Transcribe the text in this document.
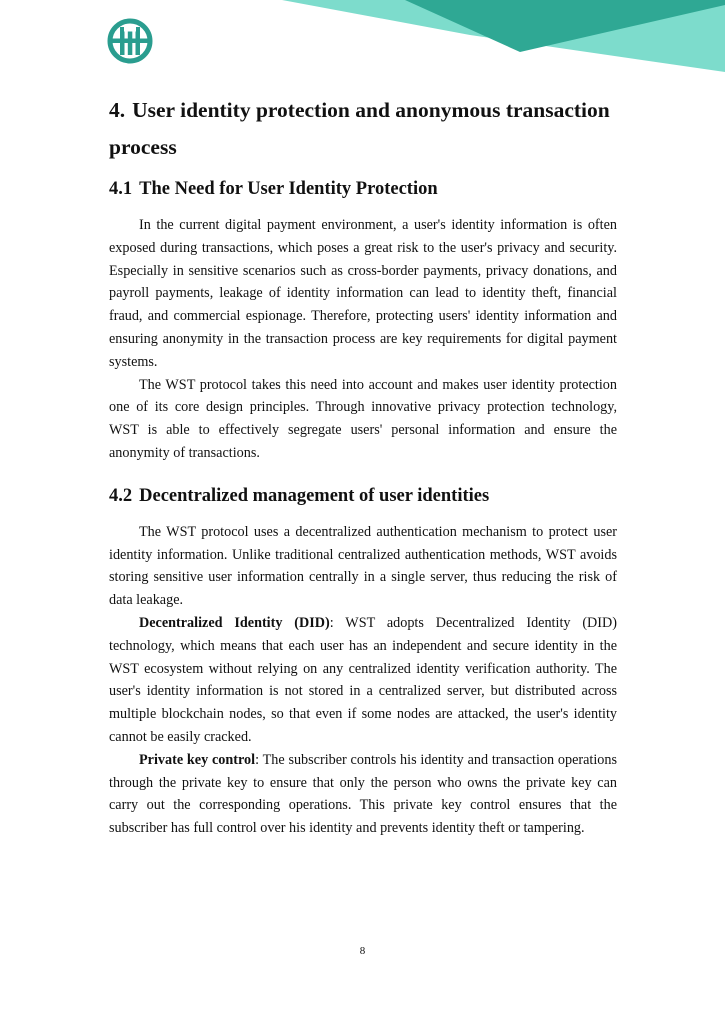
4. User identity protection and anonymous transaction process
4.1 The Need for User Identity Protection

In the current digital payment environment, a user's identity information is often exposed during transactions, which poses a great risk to the user's privacy and security. Especially in sensitive scenarios such as cross-border payments, privacy donations, and payroll payments, leakage of identity information can lead to identity theft, financial fraud, and commercial espionage. Therefore, protecting users' identity information and ensuring anonymity in the transaction process are key requirements for digital payment systems.

The WST protocol takes this need into account and makes user identity protection one of its core design principles. Through innovative privacy protection technology, WST is able to effectively segregate users' personal information and ensure the anonymity of transactions.

4.2 Decentralized management of user identities

The WST protocol uses a decentralized authentication mechanism to protect user identity information. Unlike traditional centralized authentication methods, WST avoids storing sensitive user information centrally in a single server, thus reducing the risk of data leakage.

Decentralized Identity (DID): WST adopts Decentralized Identity (DID) technology, which means that each user has an independent and secure identity in the WST ecosystem without relying on any centralized identity verification authority. The user's identity information is not stored in a centralized server, but distributed across multiple blockchain nodes, so that even if some nodes are attacked, the user's identity cannot be easily cracked.

Private key control: The subscriber controls his identity and transaction operations through the private key to ensure that only the person who owns the private key can carry out the corresponding operations. This private key control ensures that the subscriber has full control over his identity and prevents identity theft or tampering.

8
